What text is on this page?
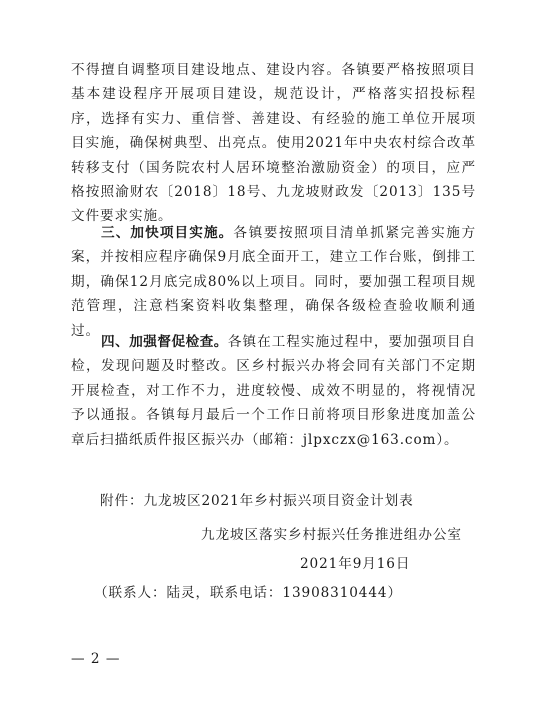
不得擅自调整项目建设地点、建设内容。各镇要严格按照项目基本建设程序开展项目建设，规范设计，严格落实招投标程序，选择有实力、重信誉、善建设、有经验的施工单位开展项目实施，确保树典型、出亮点。使用2021年中央农村综合改革转移支付（国务院农村人居环境整治激励资金）的项目，应严格按照渝财农〔2018〕18号、九龙坡财政发〔2013〕135号文件要求实施。

三、加快项目实施。各镇要按照项目清单抓紧完善实施方案，并按相应程序确保9月底全面开工，建立工作台账，倒排工期，确保12月底完成80%以上项目。同时，要加强工程项目规范管理，注意档案资料收集整理，确保各级检查验收顺利通过。

四、加强督促检查。各镇在工程实施过程中，要加强项目自检，发现问题及时整改。区乡村振兴办将会同有关部门不定期开展检查，对工作不力，进度较慢、成效不明显的，将视情况予以通报。各镇每月最后一个工作日前将项目形象进度加盖公章后扫描纸质件报区振兴办（邮箱：jlpxczx@163.com）。

附件：九龙坡区2021年乡村振兴项目资金计划表

九龙坡区落实乡村振兴任务推进组办公室

2021年9月16日

（联系人：陆灵，联系电话：13908310444）

— 2 —
